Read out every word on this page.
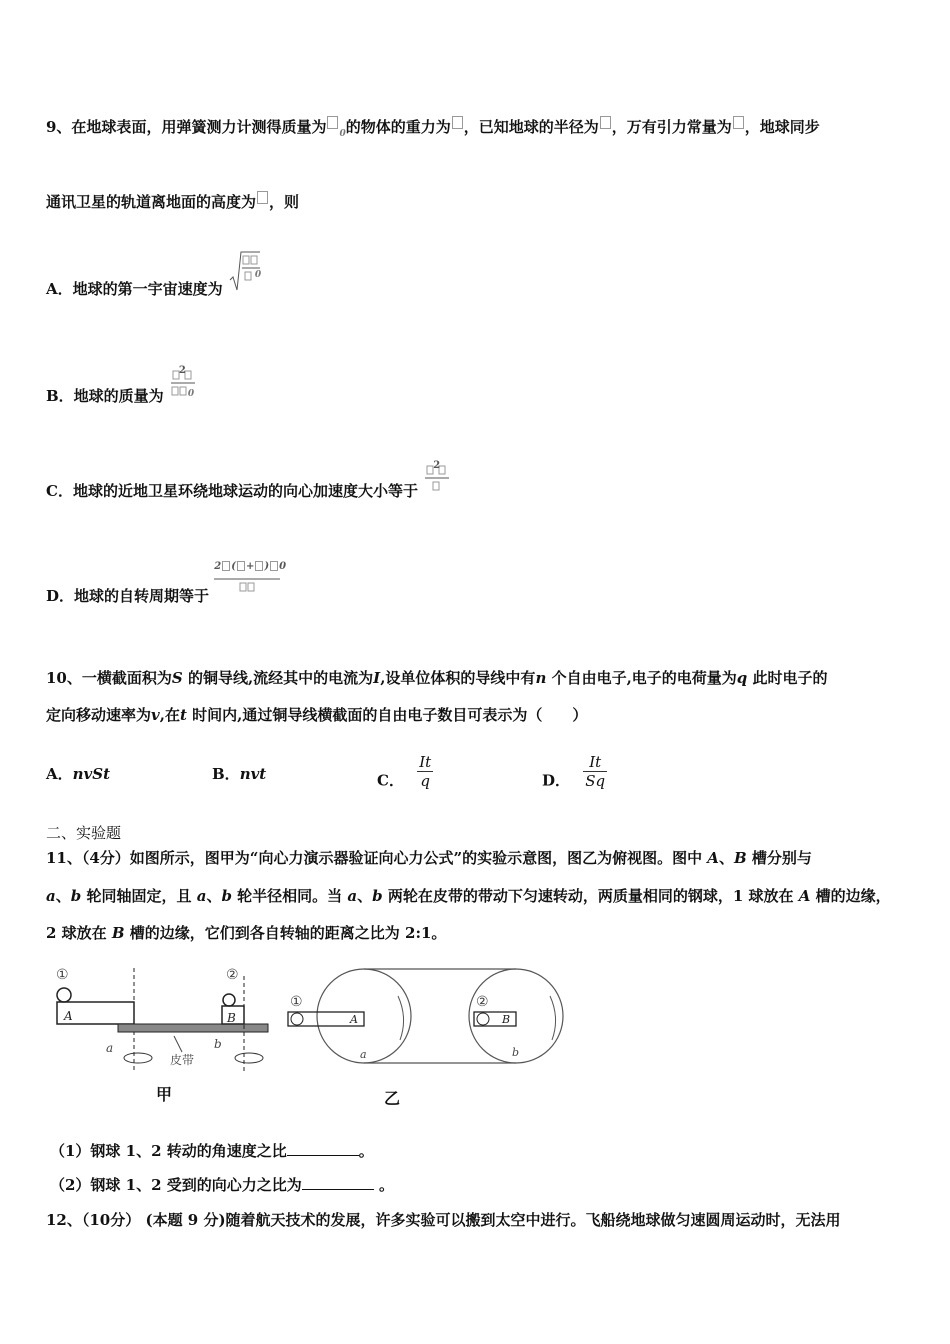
9、在地球表面，用弹簧测力计测得质量为 $_0$的物体的重力为 ，已知地球的半径为 ，万有引力常量为 ，地球同步
通讯卫星的轨道离地面的高度为 ，则
A．地球的第一宇宙速度为
0
B．地球的质量为
2
0
C．地球的近地卫星环绕地球运动的向心加速度大小等于
2
D．地球的自转周期等于
2 ( + ) 0
10、一横截面积为S 的铜导线,流经其中的电流为I,设单位体积的导线中有n 个自由电子,电子的电荷量为q 此时电子的
定向移动速率为v,在t 时间内,通过铜导线横截面的自由电子数目可表示为（　　）
A．nvSt	B．nvt	C． $\frac{It}{q}$	D． $\frac{It}{Sq}$
二、实验题
11、（4分）如图所示，图甲为“向心力演示器验证向心力公式”的实验示意图，图乙为俯视图。图中 A、B 槽分别与
a、b 轮同轴固定，且 a、b 轮半径相同。当 a、b 两轮在皮带的带动下匀速转动，两质量相同的钢球，1 球放在 A 槽的边缘，
2 球放在 B 槽的边缘，它们到各自转轴的距离之比为 2:1。
①
A
②
B
a	b
皮带
甲
①
A
②
B
a	b
乙
（1）钢球 1、2 转动的角速度之比	。
（2）钢球 1、2 受到的向心力之比为	。
12、（10分） (本题 9 分)随着航天技术的发展，许多实验可以搬到太空中进行。飞船绕地球做匀速圆周运动时，无法用
